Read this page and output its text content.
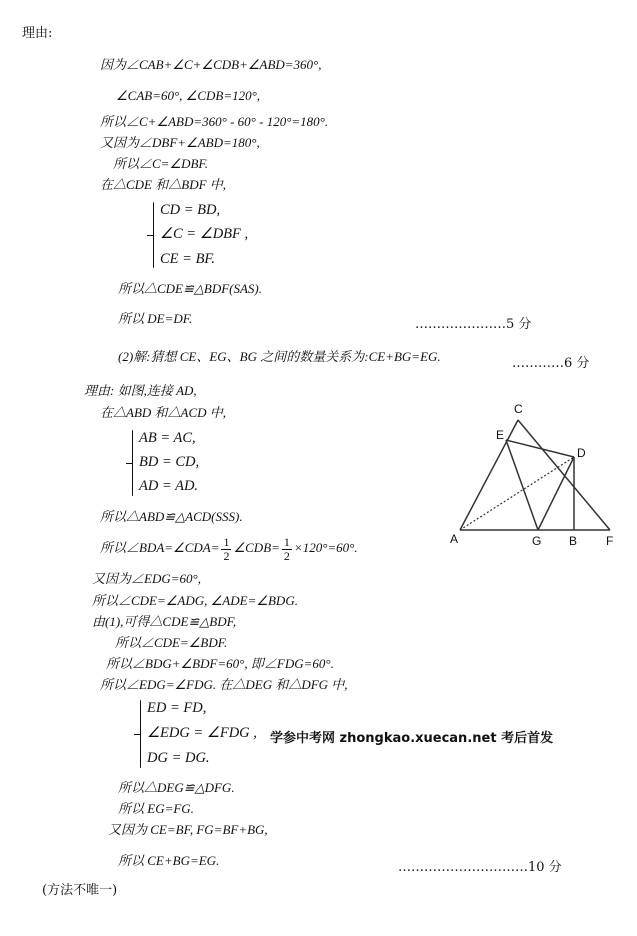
理由:
因为∠CAB+∠C+∠CDB+∠ABD=360°,
∠CAB=60°, ∠CDB=120°,
所以∠C+∠ABD=360° - 60° - 120°=180°.
又因为∠DBF+∠ABD=180°,
所以∠C=∠DBF.
在△CDE 和△BDF 中,
CD = BD,
∠C = ∠DBF ,
CE = BF.
所以△CDE≌△BDF(SAS).
所以 DE=DF.	…………………5 分
(2)解:猜想 CE、EG、BG 之间的数量关系为:CE+BG=EG.	…………6 分
理由: 如图,连接 AD,
在△ABD 和△ACD 中,
AB = AC,
BD = CD,
AD = AD.
所以△ABD≌△ACD(SSS).
所以∠BDA=∠CDA= $\frac{1}{2}$ ∠CDB= $\frac{1}{2} \times 120^\circ=60^\circ$.
又因为∠EDG=60°,
所以∠CDE=∠ADG, ∠ADE=∠BDG.
由(1),可得△CDE≌△BDF,
所以∠CDE=∠BDF.
所以∠BDG+∠BDF=60°, 即∠FDG=60°.
所以∠EDG=∠FDG. 在△DEG 和△DFG 中,
ED = FD,
∠EDG = ∠FDG ,
DG = DG.
学参中考网 zhongkao.xuecan.net 考后首发
所以△DEG≌△DFG.
所以 EG=FG.
又因为 CE=BF, FG=BF+BG,
所以 CE+BG=EG.	…………………………10 分
(方法不唯一)
C
E
D
A	G B F
